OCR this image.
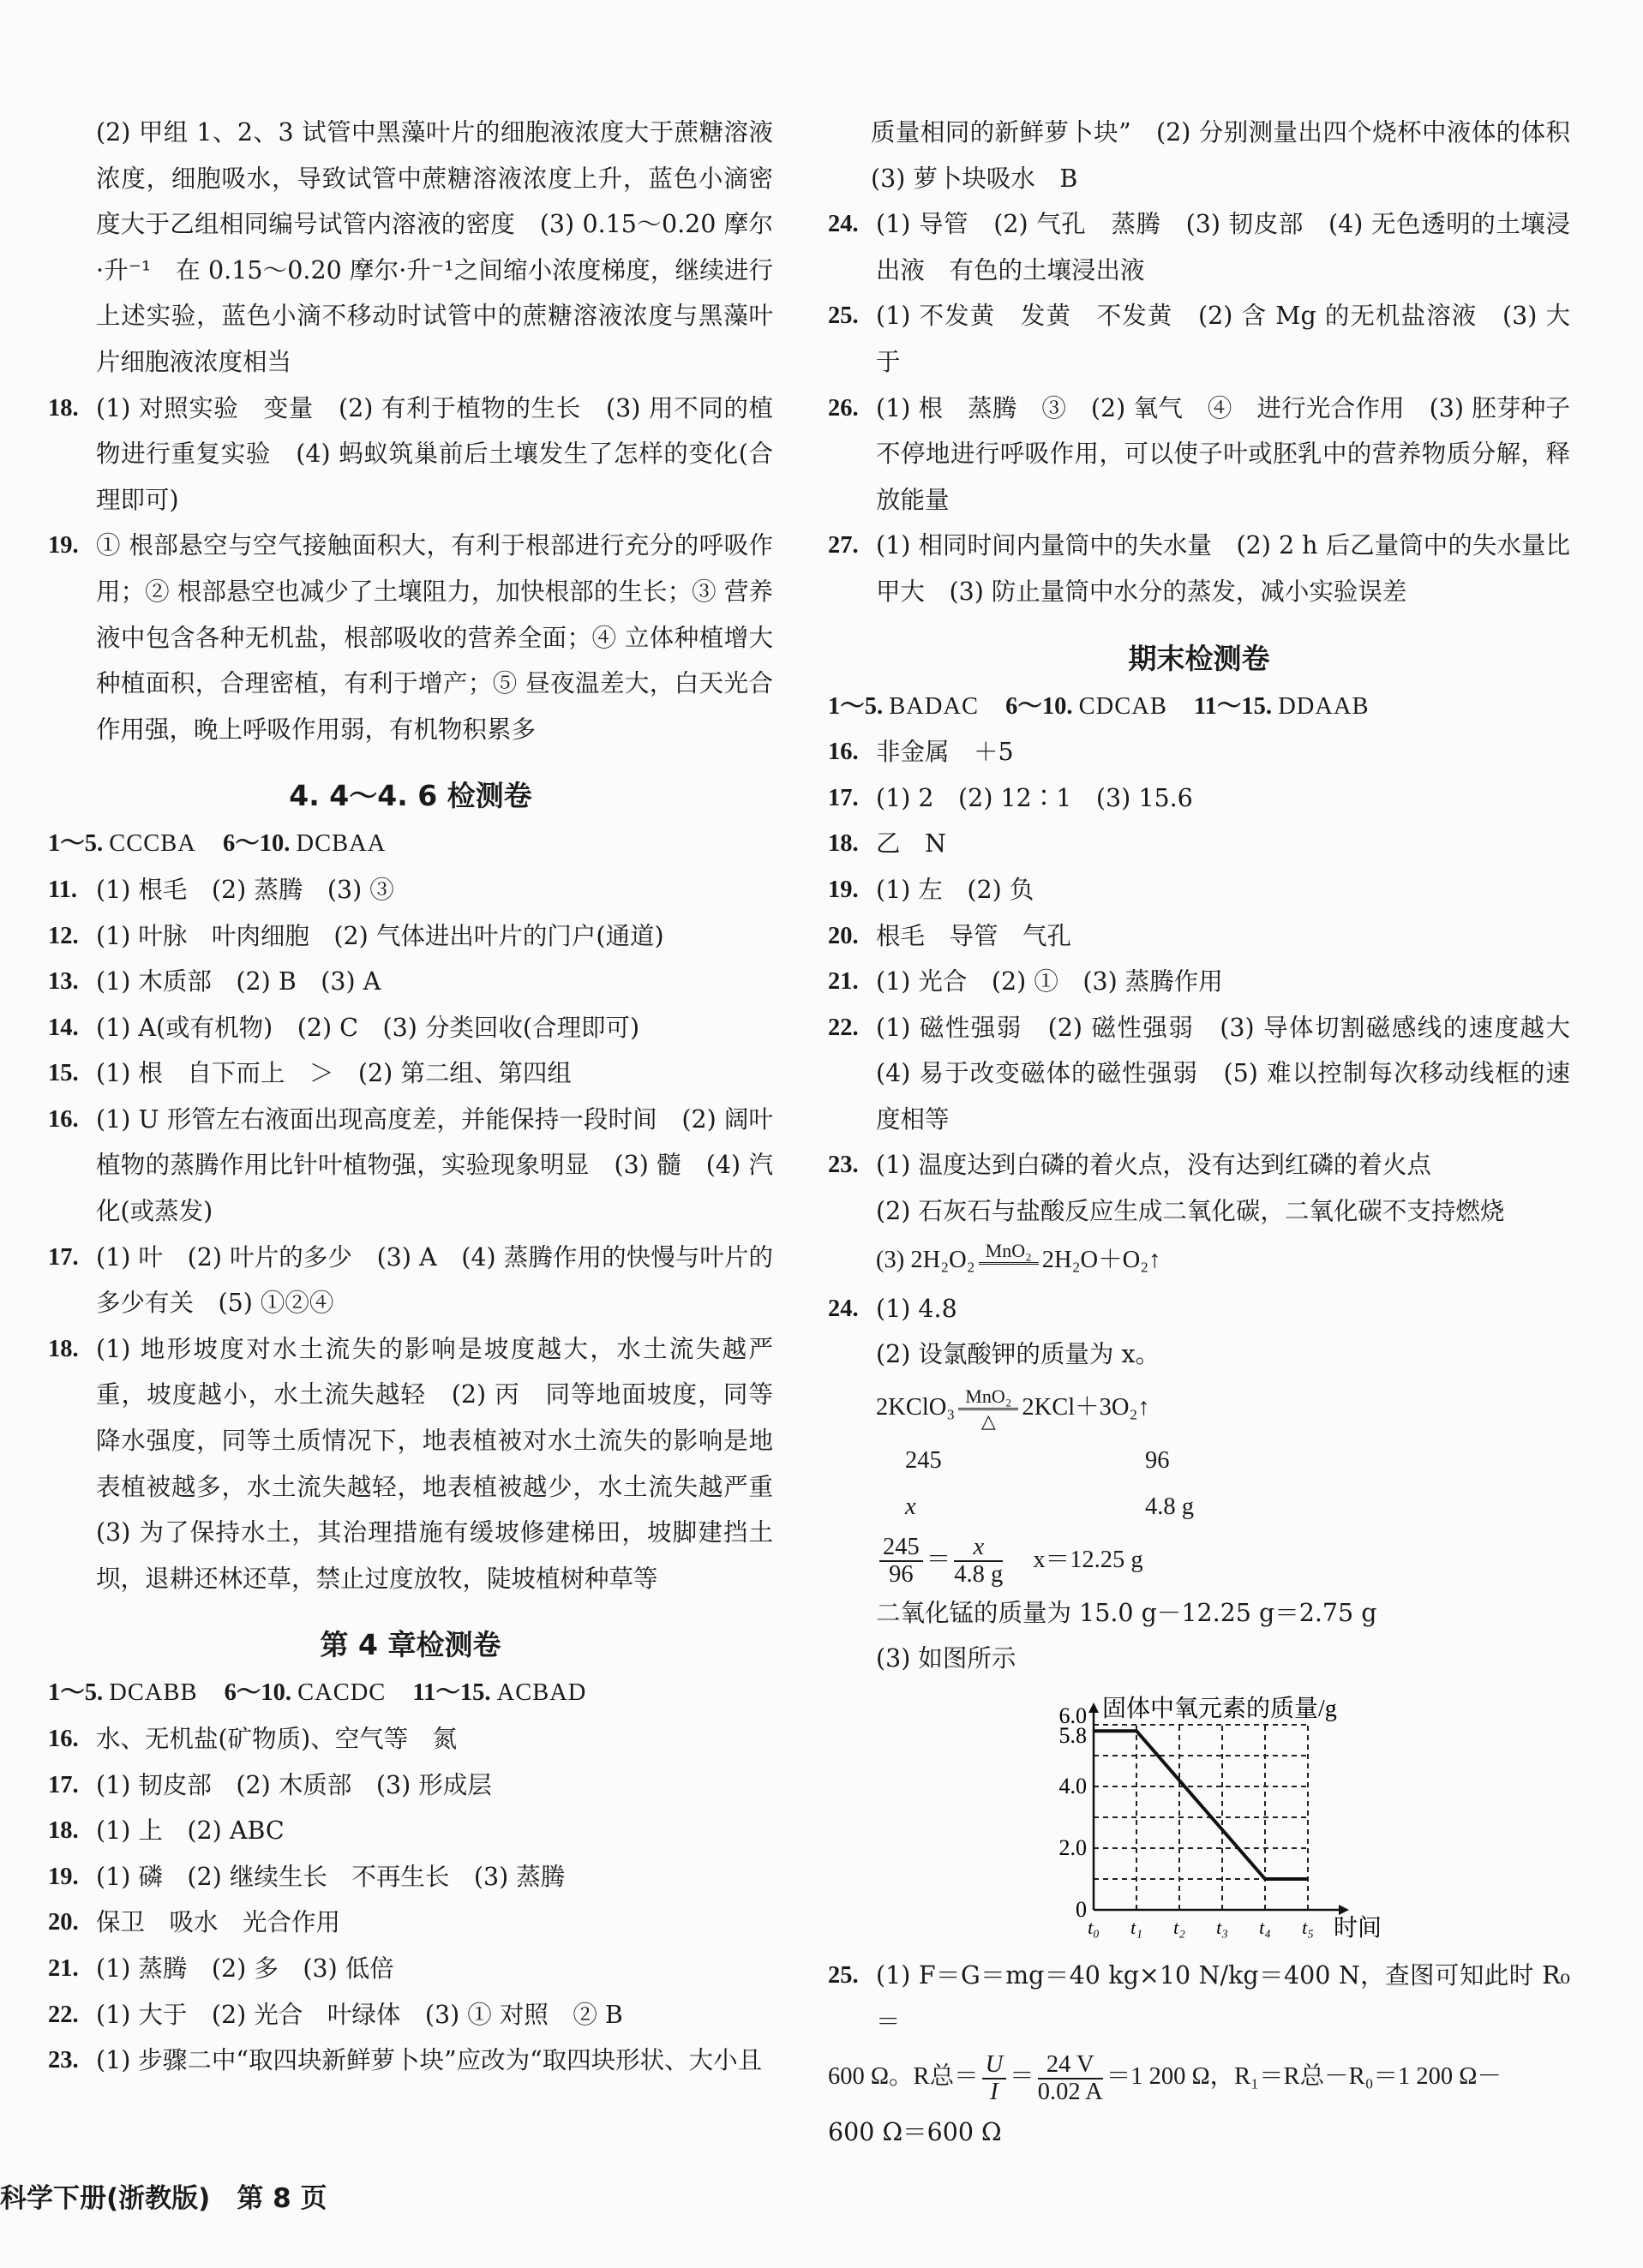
(2) 甲组 1、2、3 试管中黑藻叶片的细胞液浓度大于蔗糖溶液浓度，细胞吸水，导致试管中蔗糖溶液浓度上升，蓝色小滴密度大于乙组相同编号试管内溶液的密度　(3) 0.15～0.20 摩尔·升⁻¹　在 0.15～0.20 摩尔·升⁻¹之间缩小浓度梯度，继续进行上述实验，蓝色小滴不移动时试管中的蔗糖溶液浓度与黑藻叶片细胞液浓度相当

18. (1) 对照实验　变量　(2) 有利于植物的生长　(3) 用不同的植物进行重复实验　(4) 蚂蚁筑巢前后土壤发生了怎样的变化(合理即可)
19. ① 根部悬空与空气接触面积大，有利于根部进行充分的呼吸作用；② 根部悬空也减少了土壤阻力，加快根部的生长；③ 营养液中包含各种无机盐，根部吸收的营养全面；④ 立体种植增大种植面积，合理密植，有利于增产；⑤ 昼夜温差大，白天光合作用强，晚上呼吸作用弱，有机物积累多
4. 4～4. 6 检测卷
1～5. CCCBA 6～10. DCBAA
11. (1) 根毛　(2) 蒸腾　(3) ③
12. (1) 叶脉　叶肉细胞　(2) 气体进出叶片的门户(通道)
13. (1) 木质部　(2) B　(3) A
14. (1) A(或有机物)　(2) C　(3) 分类回收(合理即可)
15. (1) 根　自下而上　＞　(2) 第二组、第四组
16. (1) U 形管左右液面出现高度差，并能保持一段时间　(2) 阔叶植物的蒸腾作用比针叶植物强，实验现象明显　(3) 髓　(4) 汽化(或蒸发)
17. (1) 叶　(2) 叶片的多少　(3) A　(4) 蒸腾作用的快慢与叶片的多少有关　(5) ①②④
18. (1) 地形坡度对水土流失的影响是坡度越大，水土流失越严重，坡度越小，水土流失越轻　(2) 丙　同等地面坡度，同等降水强度，同等土质情况下，地表植被对水土流失的影响是地表植被越多，水土流失越轻，地表植被越少，水土流失越严重　(3) 为了保持水土，其治理措施有缓坡修建梯田，坡脚建挡土坝，退耕还林还草，禁止过度放牧，陡坡植树种草等
第 4 章检测卷
1～5. DCABB 6～10. CACDC 11～15. ACBAD
16. 水、无机盐(矿物质)、空气等　氮
17. (1) 韧皮部　(2) 木质部　(3) 形成层
18. (1) 上　(2) ABC
19. (1) 磷　(2) 继续生长　不再生长　(3) 蒸腾
20. 保卫　吸水　光合作用
21. (1) 蒸腾　(2) 多　(3) 低倍
22. (1) 大于　(2) 光合　叶绿体　(3) ① 对照　② B
23. (1) 步骤二中“取四块新鲜萝卜块”应改为“取四块形状、大小且

质量相同的新鲜萝卜块”　(2) 分别测量出四个烧杯中液体的体积　(3) 萝卜块吸水　B

24. (1) 导管　(2) 气孔　蒸腾　(3) 韧皮部　(4) 无色透明的土壤浸出液　有色的土壤浸出液
25. (1) 不发黄　发黄　不发黄　(2) 含 Mg 的无机盐溶液　(3) 大于
26. (1) 根　蒸腾　③　(2) 氧气　④　进行光合作用　(3) 胚芽种子不停地进行呼吸作用，可以使子叶或胚乳中的营养物质分解，释放能量
27. (1) 相同时间内量筒中的失水量　(2) 2 h 后乙量筒中的失水量比甲大　(3) 防止量筒中水分的蒸发，减小实验误差
期末检测卷
1～5. BADAC 6～10. CDCAB 11～15. DDAAB
16. 非金属　＋5
17. (1) 2　(2) 12∶1　(3) 15.6
18. 乙　N
19. (1) 左　(2) 负
20. 根毛　导管　气孔
21. (1) 光合　(2) ①　(3) 蒸腾作用
22. (1) 磁性强弱　(2) 磁性强弱　(3) 导体切割磁感线的速度越大　(4) 易于改变磁体的磁性强弱　(5) 难以控制每次移动线框的速度相等
23. (1) 温度达到白磷的着火点，没有达到红磷的着火点
(2) 石灰石与盐酸反应生成二氧化碳，二氧化碳不支持燃烧
(3) 2H₂O₂ MnO₂ 2H₂O＋O₂↑
24. (1) 4.8
(2) 设氯酸钾的质量为 x。
2KClO₃ MnO₂
△
2KCl＋3O₂↑
245	96
x	4.8 g
$\frac{245}{96} = \frac{x}{4.8 g} x=12.25$ g
二氧化锰的质量为 15.0 g－12.25 g＝2.75 g
(3) 如图所示
0
2.0
4.0
5.8
6.0
t₀ t₁ t₂ t₃ t₄ t₅ 时间
固体中氧元素的质量/g
25. (1) F＝G＝mg＝40 kg×10 N/kg＝400 N，查图可知此时 R₀＝
600 Ω。R总＝ $\frac{U}{I} = \frac{24 V}{0.02 A} =1$ 200 Ω，R₁＝R总－R₀＝1 200 Ω－
600 Ω＝600 Ω
科学下册(浙教版)　第 8 页
